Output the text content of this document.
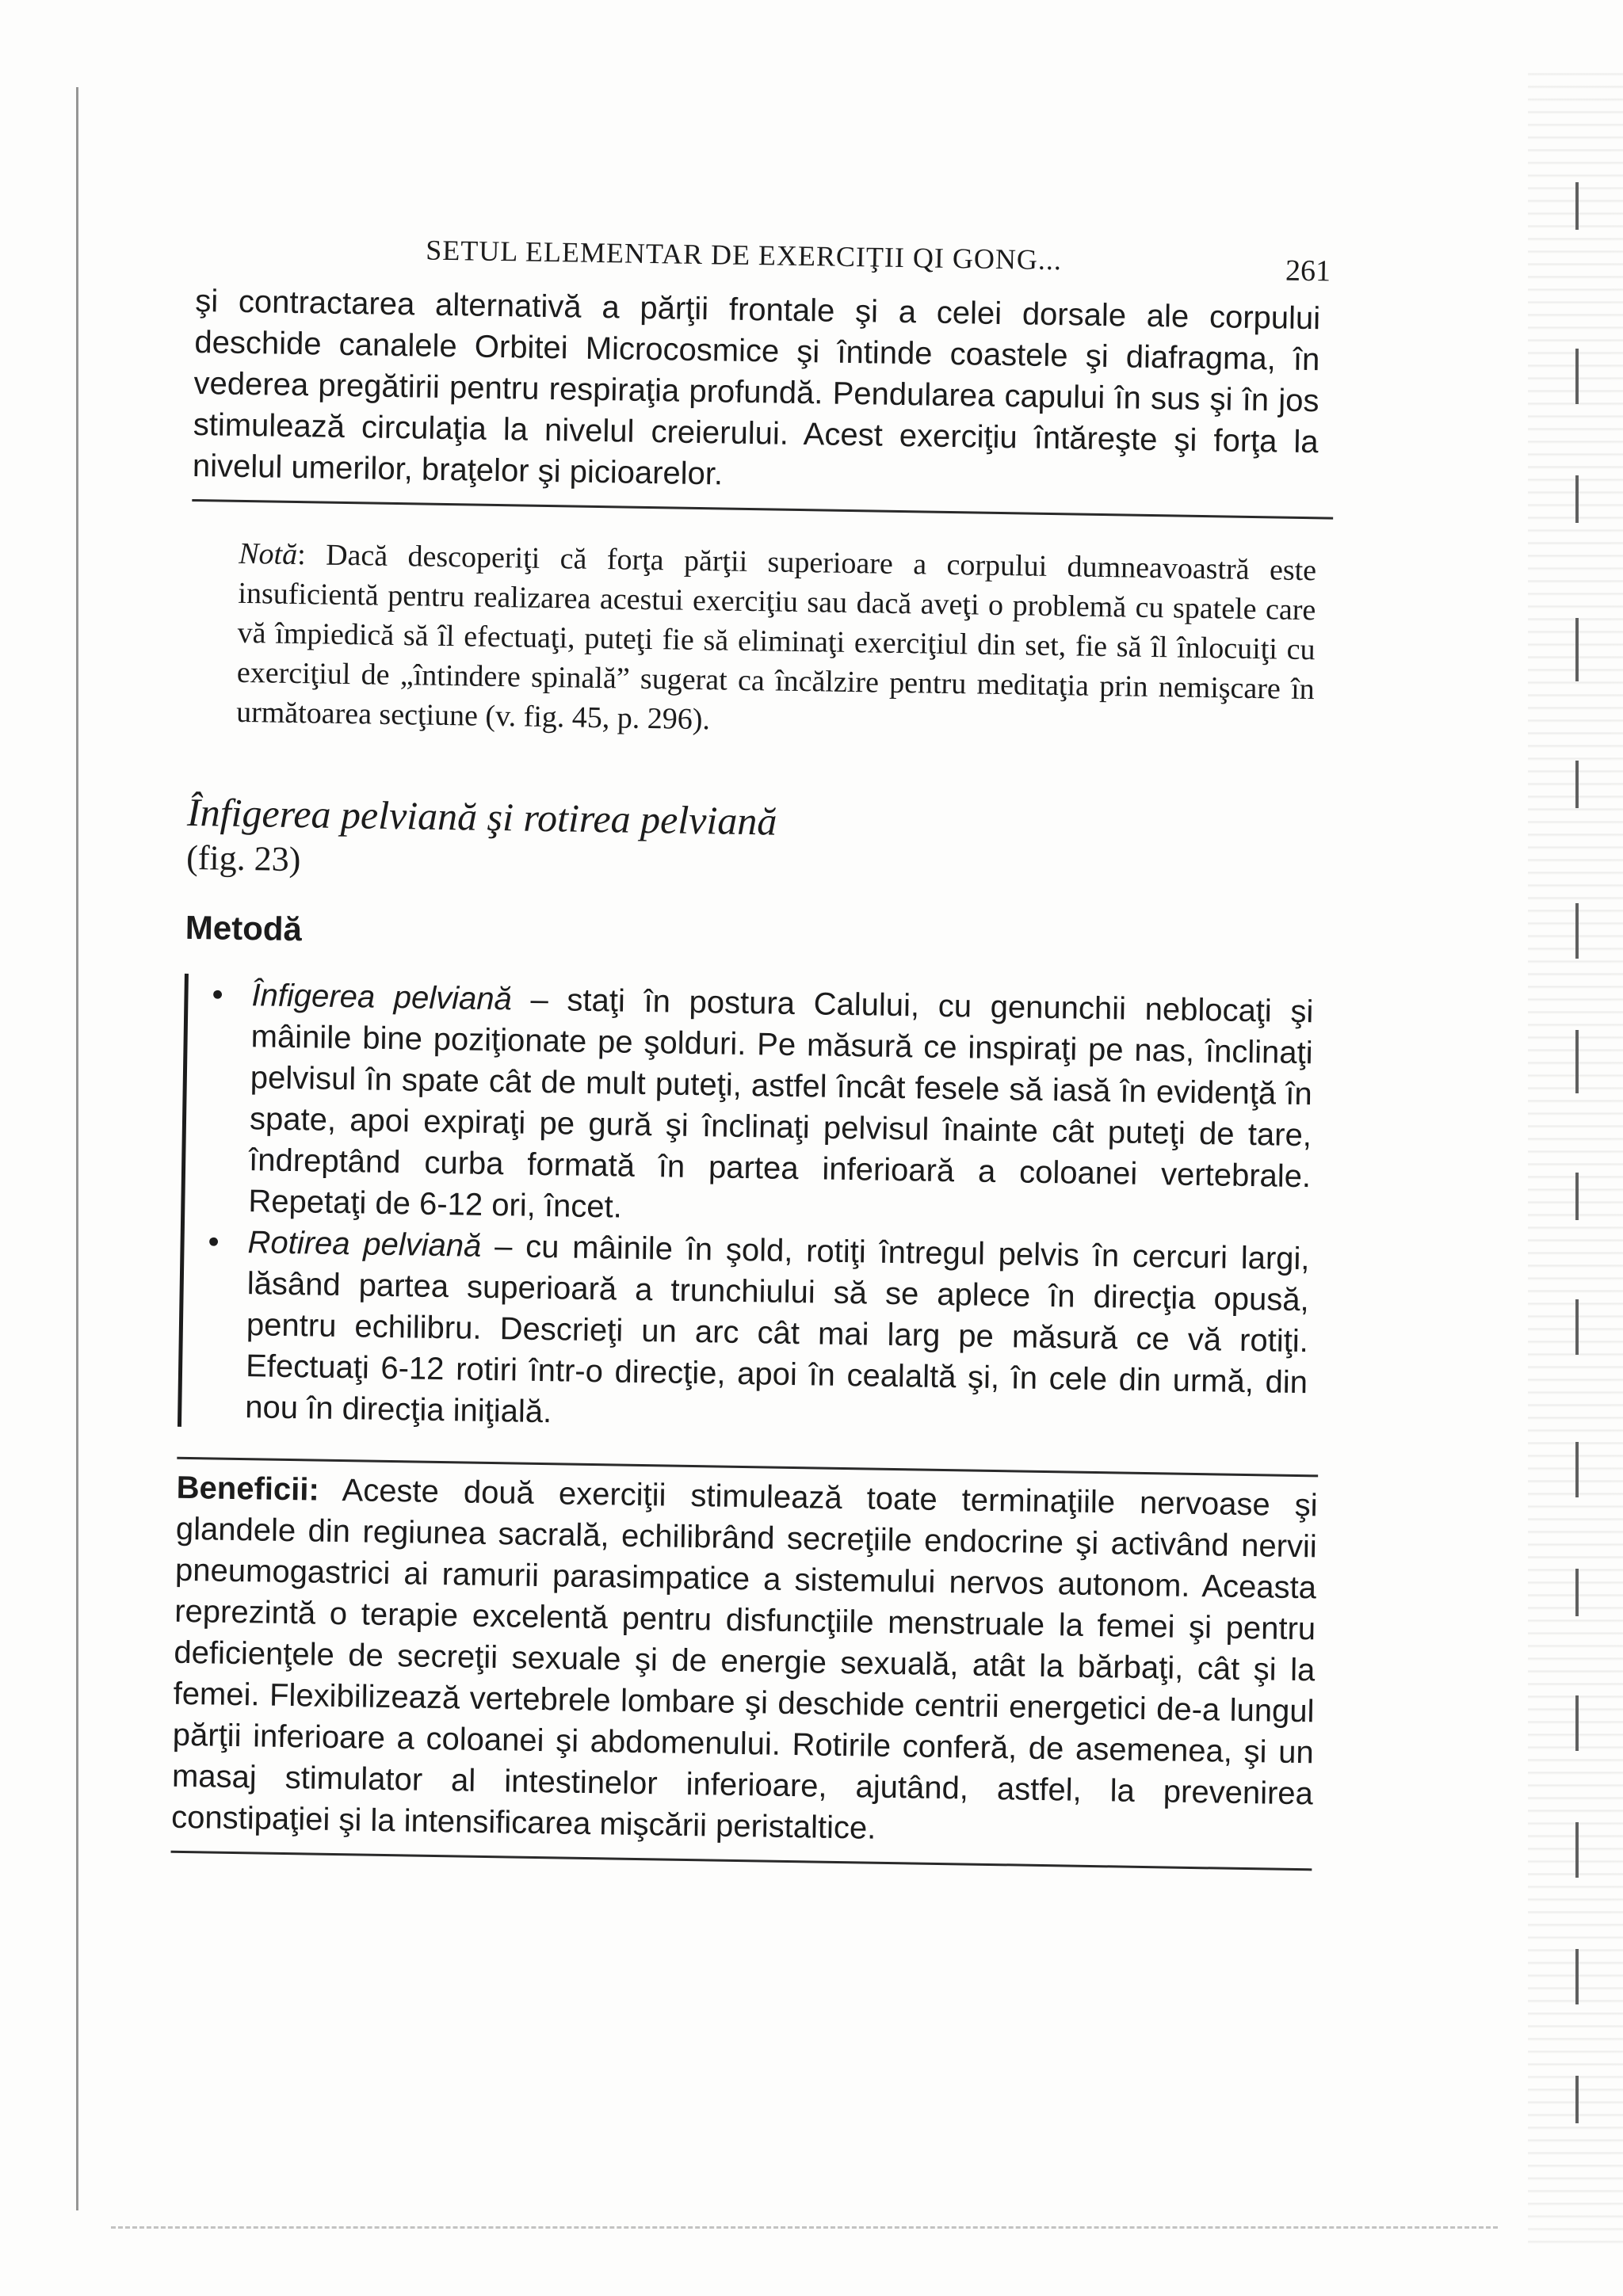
SETUL ELEMENTAR DE EXERCIŢII QI GONG...	261

şi contractarea alternativă a părţii frontale şi a celei dorsale ale corpului deschide canalele Orbitei Microcosmice şi întinde coastele şi diafragma, în vederea pregătirii pentru respiraţia profundă. Pendularea capului în sus şi în jos stimulează circulaţia la nivelul creierului. Acest exerciţiu întăreşte şi forţa la nivelul umerilor, braţelor şi picioarelor.

Notă: Dacă descoperiţi că forţa părţii superioare a corpului dumneavoastră este insuficientă pentru realizarea acestui exerciţiu sau dacă aveţi o problemă cu spatele care vă împiedică să îl efectuaţi, puteţi fie să eliminaţi exerciţiul din set, fie să îl înlocuiţi cu exerciţiul de „întindere spinală” sugerat ca încălzire pentru meditaţia prin nemişcare în următoarea secţiune (v. fig. 45, p. 296).

Înfigerea pelviană şi rotirea pelviană
(fig. 23)
Metodă
• Înfigerea pelviană – staţi în postura Calului, cu genunchii neblocaţi şi mâinile bine poziţionate pe şolduri. Pe măsură ce inspiraţi pe nas, înclinaţi pelvisul în spate cât de mult puteţi, astfel încât fesele să iasă în evidenţă în spate, apoi expiraţi pe gură şi înclinaţi pelvisul înainte cât puteţi de tare, îndreptând curba formată în partea inferioară a coloanei vertebrale. Repetaţi de 6-12 ori, încet.
• Rotirea pelviană – cu mâinile în şold, rotiţi întregul pelvis în cercuri largi, lăsând partea superioară a trunchiului să se aplece în direcţia opusă, pentru echilibru. Descrieţi un arc cât mai larg pe măsură ce vă rotiţi. Efectuaţi 6-12 rotiri într-o direcţie, apoi în cealaltă şi, în cele din urmă, din nou în direcţia iniţială.

Beneficii: Aceste două exerciţii stimulează toate terminaţiile nervoase şi glandele din regiunea sacrală, echilibrând secreţiile endocrine şi activând nervii pneumogastrici ai ramurii parasimpatice a sistemului nervos autonom. Aceasta reprezintă o terapie excelentă pentru disfuncţiile menstruale la femei şi pentru deficienţele de secreţii sexuale şi de energie sexuală, atât la bărbaţi, cât şi la femei. Flexibilizează vertebrele lombare şi deschide centrii energetici de-a lungul părţii inferioare a coloanei şi abdomenului. Rotirile conferă, de asemenea, şi un masaj stimulator al intestinelor inferioare, ajutând, astfel, la prevenirea constipaţiei şi la intensificarea mişcării peristaltice.
